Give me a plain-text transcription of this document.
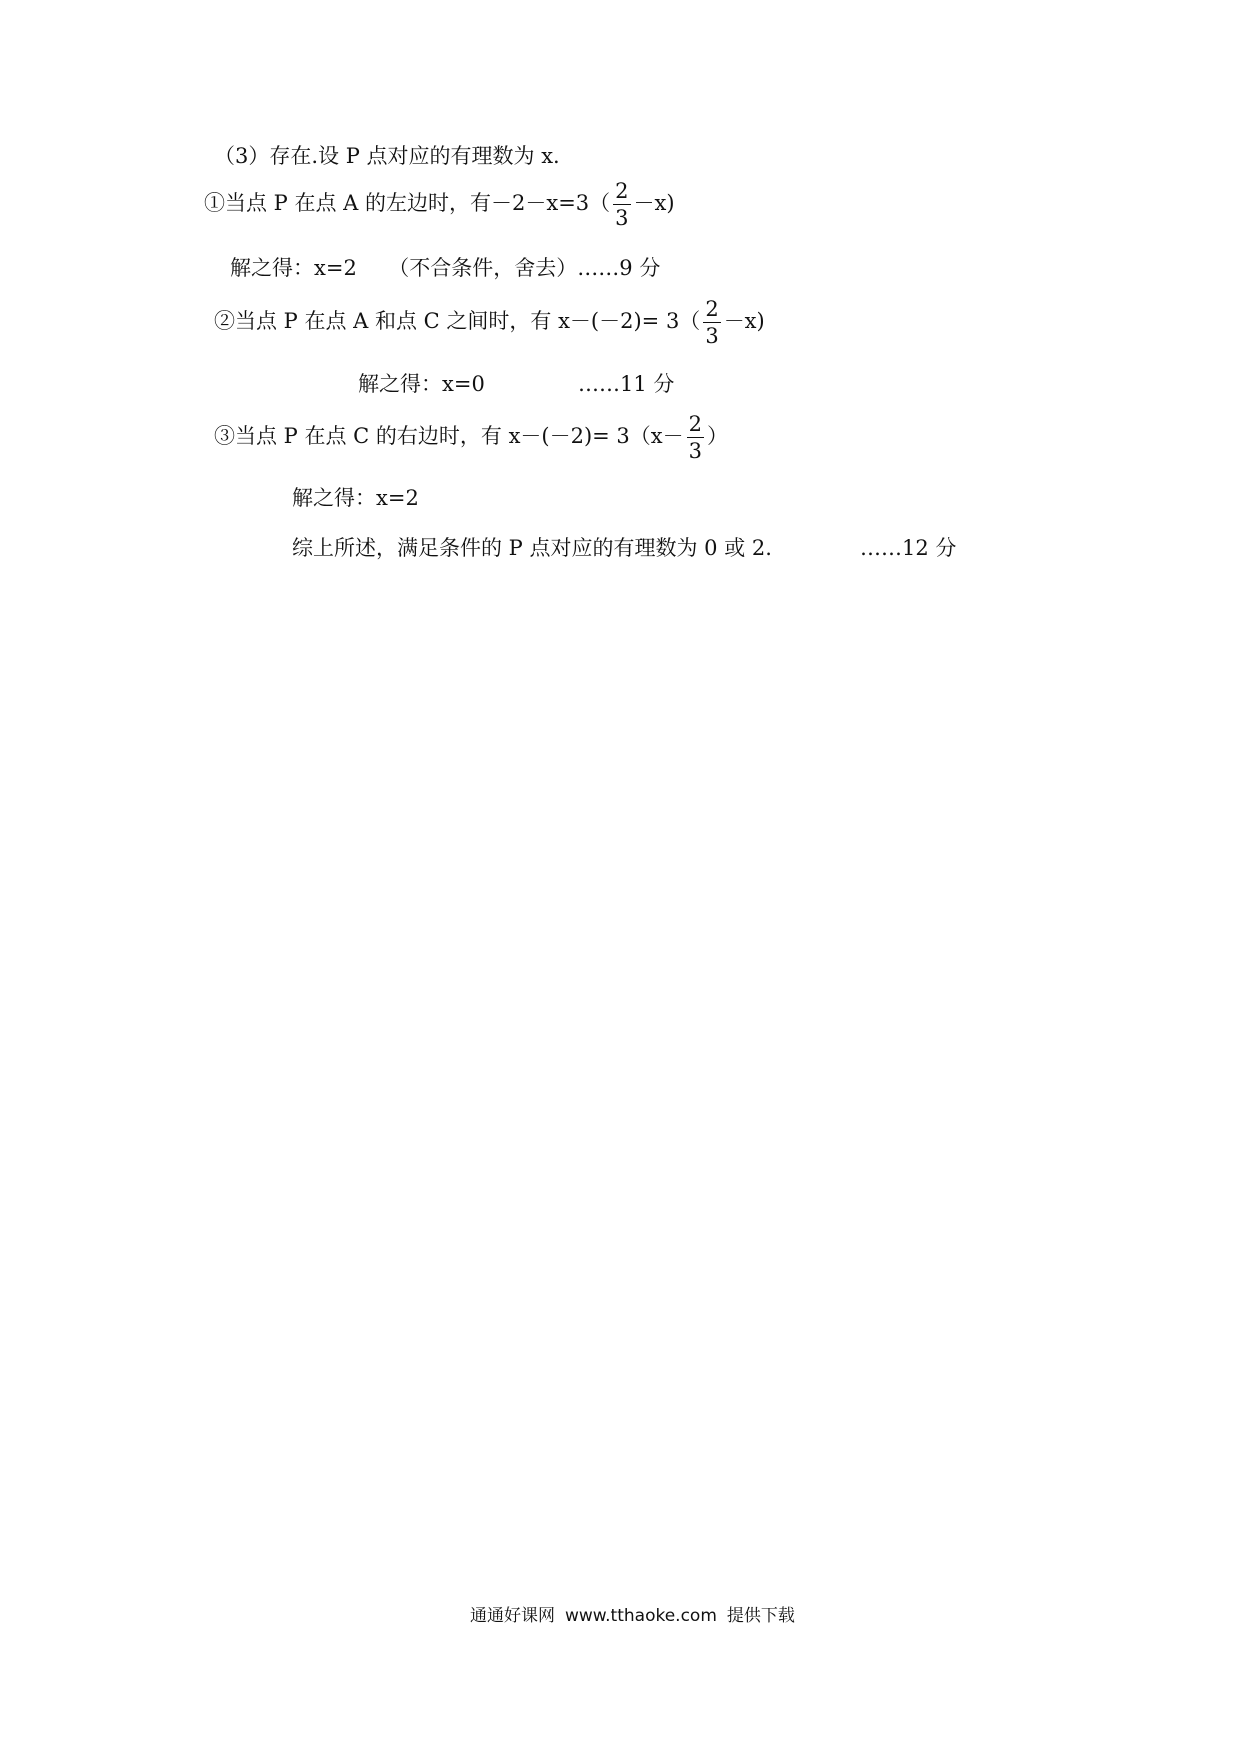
（3）存在.设 P 点对应的有理数为 x.
①当点 P 在点 A 的左边时，有$-2-x=3( \frac{2}{3} -x)$
解之得：x=2　　（不合条件，舍去）……9 分
②当点 P 在点 A 和点 C 之间时，有 $x-(-2)= 3( \frac{2}{3} -x)$
解之得：x=0	……11 分
③当点 P 在点 C 的右边时，有 $x-(-2)= 3(x- \frac{2}{3}$ ）
解之得：x=2
综上所述，满足条件的 P 点对应的有理数为 0 或 2.	……12 分
通通好课网 www.tthaoke.com 提供下载
